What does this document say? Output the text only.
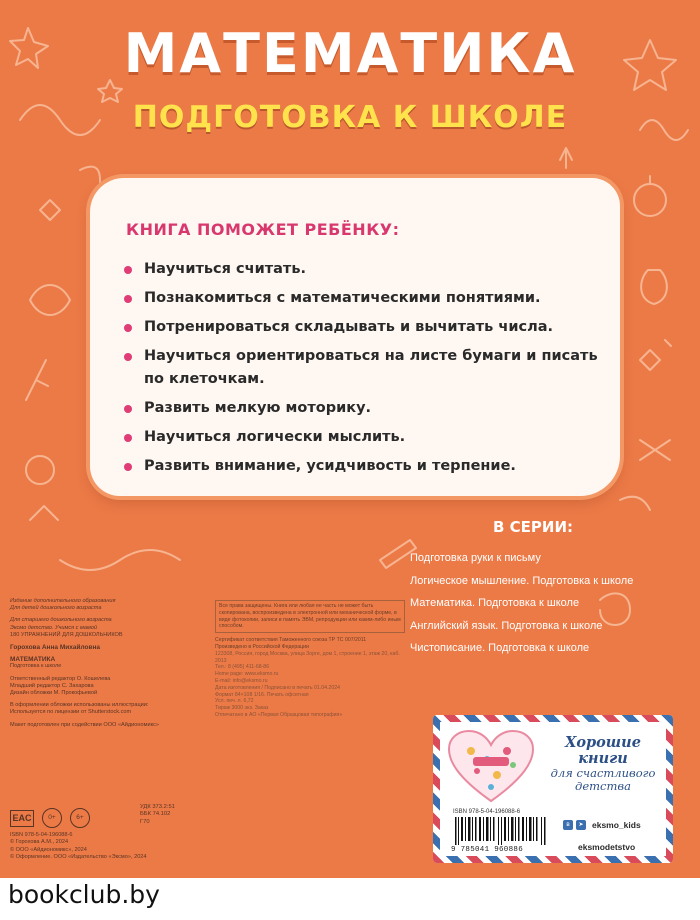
МАТЕМАТИКА
ПОДГОТОВКА К ШКОЛЕ
КНИГА ПОМОЖЕТ РЕБЁНКУ:
Научиться считать.
Познакомиться с математическими понятиями.
Потренироваться складывать и вычитать числа.
Научиться ориентироваться на листе бумаги и писать по клеточкам.
Развить мелкую моторику.
Научиться логически мыслить.
Развить внимание, усидчивость и терпение.
В СЕРИИ:
Подготовка руки к письму
Логическое мышление. Подготовка к школе
Математика. Подготовка к школе
Английский язык. Подготовка к школе
Чистописание. Подготовка к школе
Издание дополнительного образования
Для детей дошкольного возраста
Для старшего дошкольного возраста
Эксмо детство. Учимся с мамой
180 УПРАЖНЕНИЙ ДЛЯ ДОШКОЛЬНИКОВ
Горохова Анна Михайловна
МАТЕМАТИКА
Подготовка к школе
Ответственный редактор О. Кошелева
Младший редактор С. Захарова
Дизайн обложки М. Прокофьевой
В оформлении обложки использованы иллюстрации:
Используется по лицензии от Shutterstock.com
Макет подготовлен при содействии ООО «Айдиономикс»
Все права защищены. Книга или любая ее часть не может быть скопирована, воспроизведена в электронной или механической форме, в виде фотокопии, записи в память ЭВМ, репродукции или каким-либо иным способом.
Сертификат соответствия Таможенного союза ТР ТС 007/2011
Произведено в Российской Федерации
123308, Россия, город Москва, улица Зорге, дом 1, строение 1, этаж 20, каб. 2013
Тел.: 8 (495) 411-68-86
Home page: www.eksmo.ru
E-mail: info@eksmo.ru
Дата изготовления / Подписано в печать 01.04.2024
Формат 84×108 1/16. Печать офсетная
Усл. печ. л. 6,72
Тираж 3000 экз. Заказ
Отпечатано в АО «Первая Образцовая типография»
EAC	0+	6+
УДК 373.2:51
ББК 74.102
Г70
ISBN 978-5-04-196088-6
© Горохова А.М., 2024
© ООО «Айдиономикс», 2024
© Оформление. ООО «Издательство «Эксмо», 2024
Хорошие
книги
для счастливого
детства
ISBN 978-5-04-196088-6
9 785041 960886
в	➤ eksmo_kids
eksmodetstvo
bookclub.by
